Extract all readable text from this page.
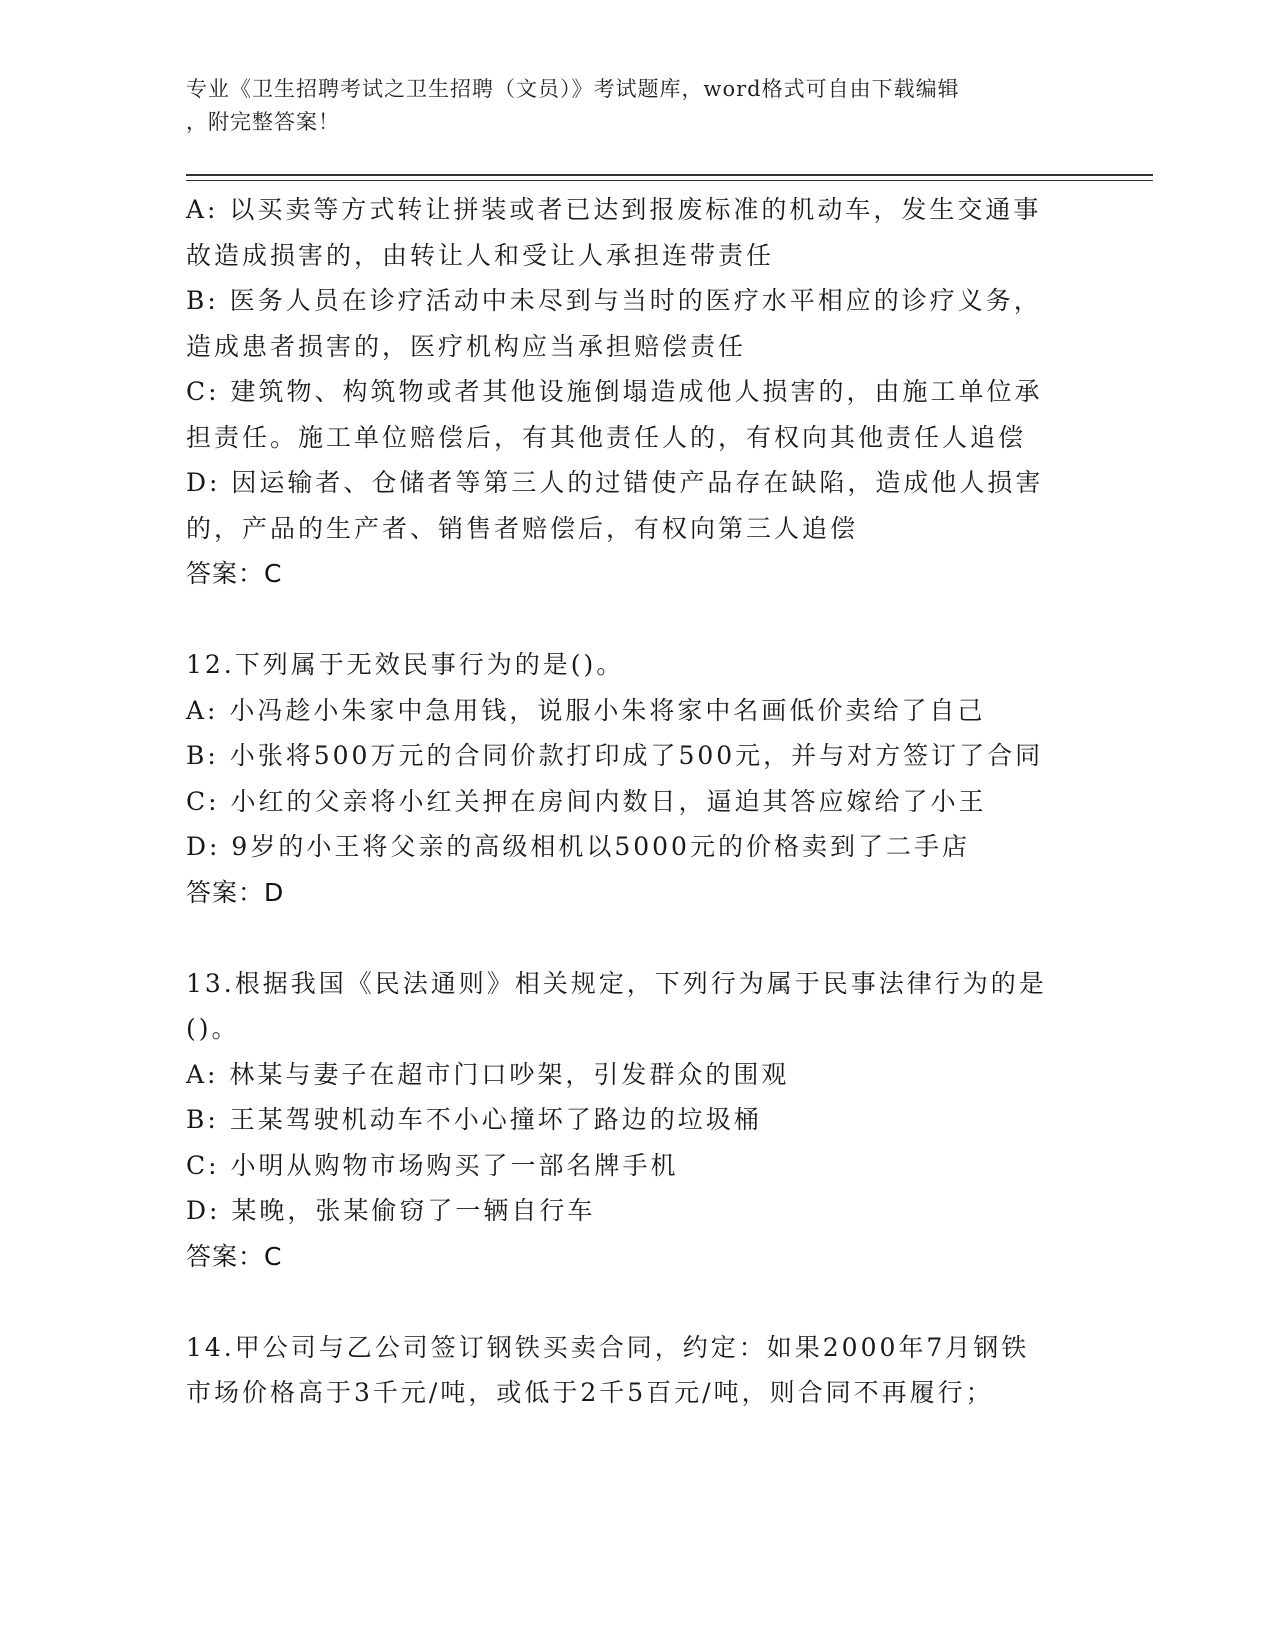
专业《卫生招聘考试之卫生招聘（文员）》考试题库，word格式可自由下载编辑
，附完整答案！
A: 以买卖等方式转让拼装或者已达到报废标准的机动车，发生交通事
故造成损害的，由转让人和受让人承担连带责任
B: 医务人员在诊疗活动中未尽到与当时的医疗水平相应的诊疗义务，
造成患者损害的，医疗机构应当承担赔偿责任
C: 建筑物、构筑物或者其他设施倒塌造成他人损害的，由施工单位承
担责任。施工单位赔偿后，有其他责任人的，有权向其他责任人追偿
D: 因运输者、仓储者等第三人的过错使产品存在缺陷，造成他人损害
的，产品的生产者、销售者赔偿后，有权向第三人追偿
答案：C
12.下列属于无效民事行为的是()。
A: 小冯趁小朱家中急用钱，说服小朱将家中名画低价卖给了自己
B: 小张将500万元的合同价款打印成了500元，并与对方签订了合同
C: 小红的父亲将小红关押在房间内数日，逼迫其答应嫁给了小王
D: 9岁的小王将父亲的高级相机以5000元的价格卖到了二手店
答案：D
13.根据我国《民法通则》相关规定，下列行为属于民事法律行为的是
()。
A: 林某与妻子在超市门口吵架，引发群众的围观
B: 王某驾驶机动车不小心撞坏了路边的垃圾桶
C: 小明从购物市场购买了一部名牌手机
D: 某晚，张某偷窃了一辆自行车
答案：C
14.甲公司与乙公司签订钢铁买卖合同，约定：如果2000年7月钢铁
市场价格高于3千元/吨，或低于2千5百元/吨，则合同不再履行；
